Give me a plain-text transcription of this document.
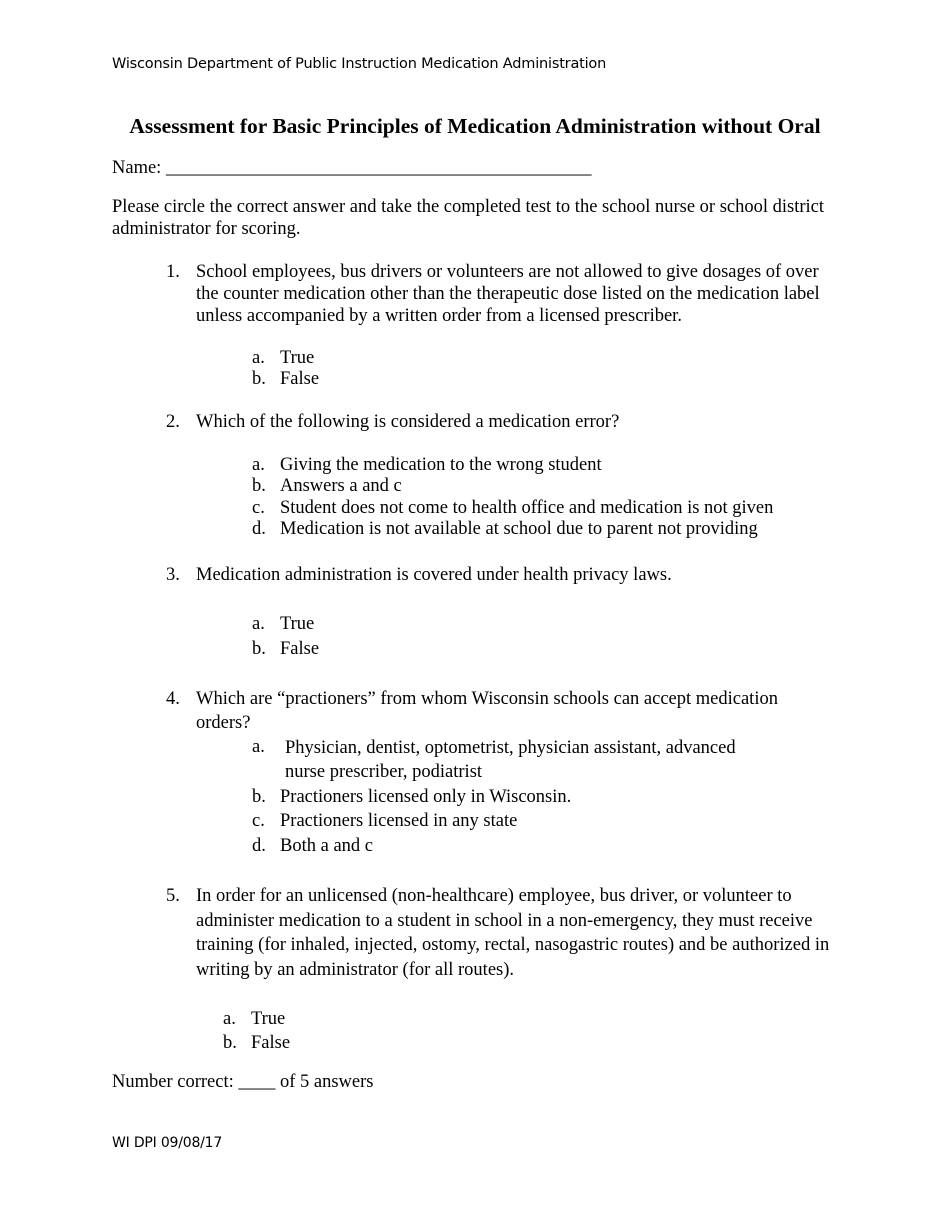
Wisconsin Department of Public Instruction Medication Administration
Assessment for Basic Principles of Medication Administration without Oral
Name: ______________________________________________
Please circle the correct answer and take the completed test to the school nurse or school district administrator for scoring.
1. School employees, bus drivers or volunteers are not allowed to give dosages of over the counter medication other than the therapeutic dose listed on the medication label unless accompanied by a written order from a licensed prescriber.
a. True
b. False
2. Which of the following is considered a medication error?
a. Giving the medication to the wrong student
b. Answers a and c
c. Student does not come to health office and medication is not given
d. Medication is not available at school due to parent not providing
3. Medication administration is covered under health privacy laws.
a. True
b. False
4. Which are “practioners” from whom Wisconsin schools can accept medication orders?
a. Physician, dentist, optometrist, physician assistant, advanced nurse prescriber, podiatrist
b. Practioners licensed only in Wisconsin.
c. Practioners licensed in any state
d. Both a and c
5. In order for an unlicensed (non-healthcare) employee, bus driver, or volunteer to administer medication to a student in school in a non-emergency, they must receive training (for inhaled, injected, ostomy, rectal, nasogastric routes) and be authorized in writing by an administrator (for all routes).
a. True
b. False
Number correct: ____ of 5 answers
WI DPI 09/08/17
